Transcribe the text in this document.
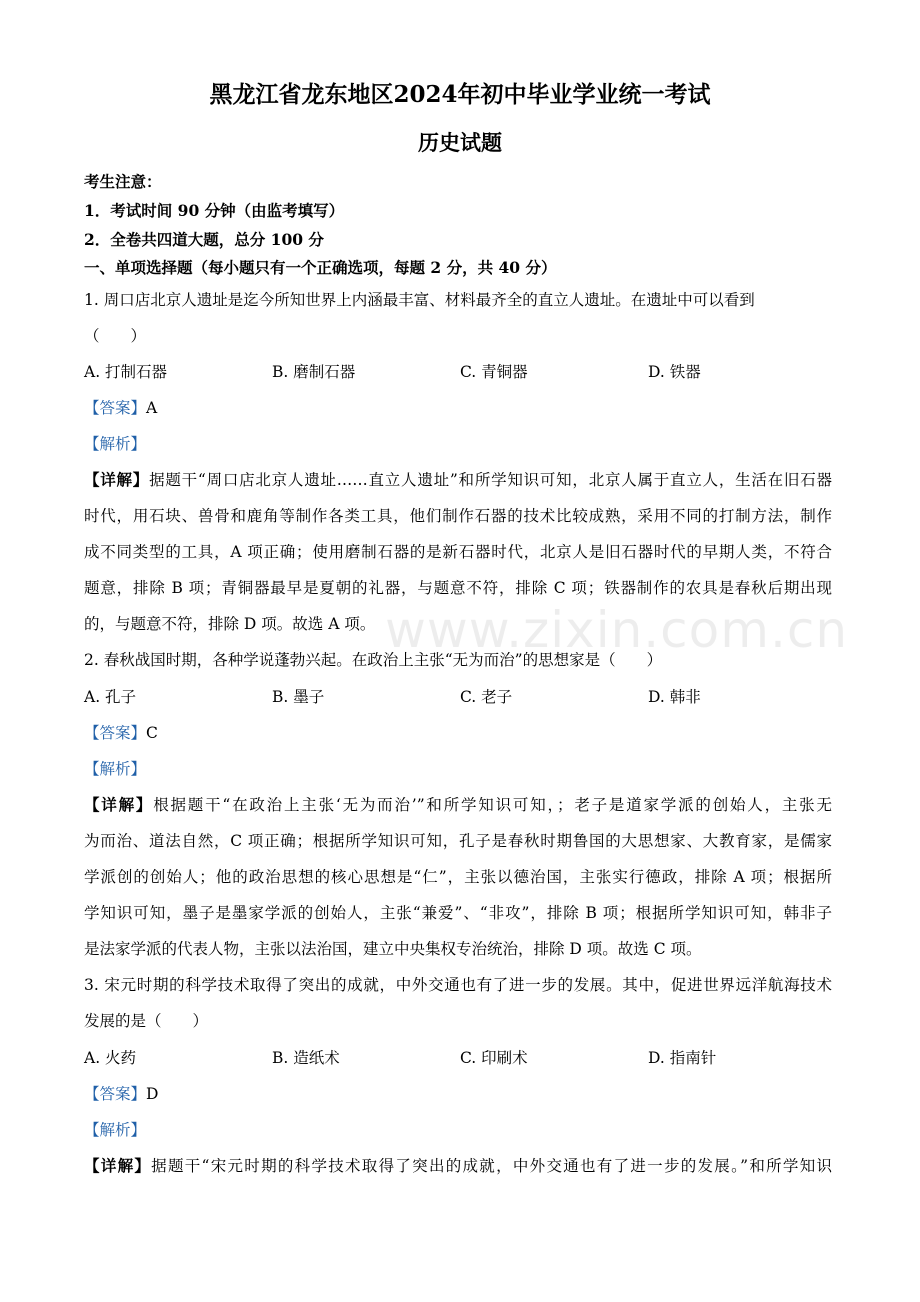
黑龙江省龙东地区2024年初中毕业学业统一考试
历史试题
考生注意：
1．考试时间 90 分钟（由监考填写）
2．全卷共四道大题，总分 100 分
一、单项选择题（每小题只有一个正确选项，每题 2 分，共 40 分）
1. 周口店北京人遗址是迄今所知世界上内涵最丰富、材料最齐全的直立人遗址。在遗址中可以看到
（　　）
A. 打制石器	B. 磨制石器	C. 青铜器	D. 铁器
【答案】A
【解析】
【详解】据题干“周口店北京人遗址……直立人遗址”和所学知识可知，北京人属于直立人，生活在旧石器
时代，用石块、兽骨和鹿角等制作各类工具，他们制作石器的技术比较成熟，采用不同的打制方法，制作
成不同类型的工具，A 项正确；使用磨制石器的是新石器时代，北京人是旧石器时代的早期人类，不符合
题意，排除 B 项；青铜器最早是夏朝的礼器，与题意不符，排除 C 项；铁器制作的农具是春秋后期出现
的，与题意不符，排除 D 项。故选 A 项。
2. 春秋战国时期，各种学说蓬勃兴起。在政治上主张“无为而治”的思想家是（　　）
A. 孔子	B. 墨子	C. 老子	D. 韩非
【答案】C
【解析】
【详解】根据题干“在政治上主张‘无为而治’”和所学知识可知，；老子是道家学派的创始人，主张无
为而治、道法自然，C 项正确；根据所学知识可知，孔子是春秋时期鲁国的大思想家、大教育家，是儒家
学派创的创始人；他的政治思想的核心思想是“仁”，主张以德治国，主张实行德政，排除 A 项；根据所
学知识可知，墨子是墨家学派的创始人，主张“兼爱”、“非攻”，排除 B 项；根据所学知识可知，韩非子
是法家学派的代表人物，主张以法治国，建立中央集权专治统治，排除 D 项。故选 C 项。
3. 宋元时期的科学技术取得了突出的成就，中外交通也有了进一步的发展。其中，促进世界远洋航海技术
发展的是（　　）
A. 火药	B. 造纸术	C. 印刷术	D. 指南针
【答案】D
【解析】
【详解】据题干“宋元时期的科学技术取得了突出的成就，中外交通也有了进一步的发展。”和所学知识
www.zixin.com.cn
